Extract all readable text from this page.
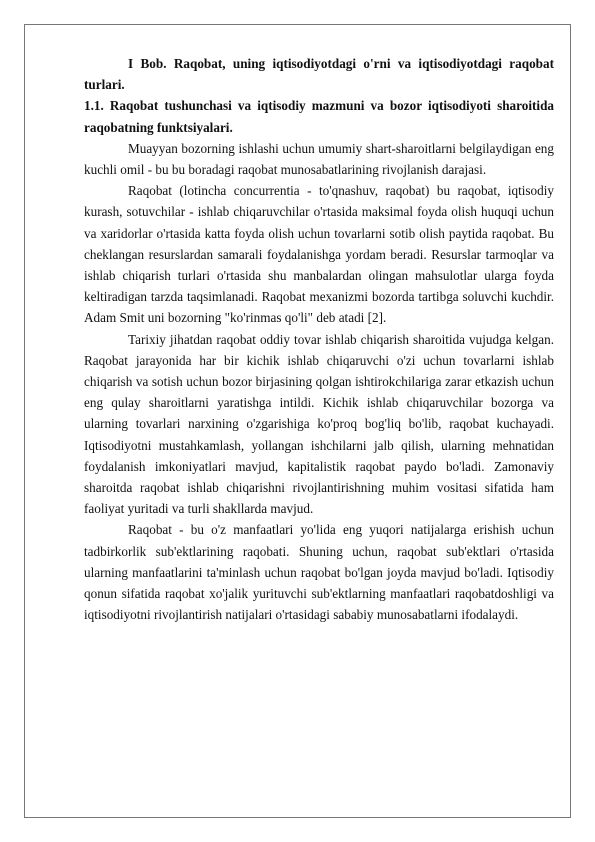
I Bob. Raqobat, uning iqtisodiyotdagi o'rni va iqtisodiyotdagi raqobat turlari.

1.1. Raqobat tushunchasi va iqtisodiy mazmuni va bozor iqtisodiyoti sharoitida raqobatning funktsiyalari.

Muayyan bozorning ishlashi uchun umumiy shart-sharoitlarni belgilaydigan eng kuchli omil - bu bu boradagi raqobat munosabatlarining rivojlanish darajasi.

Raqobat (lotincha concurrentia - to'qnashuv, raqobat) bu raqobat, iqtisodiy kurash, sotuvchilar - ishlab chiqaruvchilar o'rtasida maksimal foyda olish huquqi uchun va xaridorlar o'rtasida katta foyda olish uchun tovarlarni sotib olish paytida raqobat. Bu cheklangan resurslardan samarali foydalanishga yordam beradi. Resurslar tarmoqlar va ishlab chiqarish turlari o'rtasida shu manbalardan olingan mahsulotlar ularga foyda keltiradigan tarzda taqsimlanadi. Raqobat mexanizmi bozorda tartibga soluvchi kuchdir. Adam Smit uni bozorning "ko'rinmas qo'li" deb atadi [2].

Tarixiy jihatdan raqobat oddiy tovar ishlab chiqarish sharoitida vujudga kelgan. Raqobat jarayonida har bir kichik ishlab chiqaruvchi o'zi uchun tovarlarni ishlab chiqarish va sotish uchun bozor birjasining qolgan ishtirokchilariga zarar etkazish uchun eng qulay sharoitlarni yaratishga intildi. Kichik ishlab chiqaruvchilar bozorga va ularning tovarlari narxining o'zgarishiga ko'proq bog'liq bo'lib, raqobat kuchayadi. Iqtisodiyotni mustahkamlash, yollangan ishchilarni jalb qilish, ularning mehnatidan foydalanish imkoniyatlari mavjud, kapitalistik raqobat paydo bo'ladi. Zamonaviy sharoitda raqobat ishlab chiqarishni rivojlantirishning muhim vositasi sifatida ham faoliyat yuritadi va turli shakllarda mavjud.

Raqobat - bu o'z manfaatlari yo'lida eng yuqori natijalarga erishish uchun tadbirkorlik sub'ektlarining raqobati. Shuning uchun, raqobat sub'ektlari o'rtasida ularning manfaatlarini ta'minlash uchun raqobat bo'lgan joyda mavjud bo'ladi. Iqtisodiy qonun sifatida raqobat xo'jalik yurituvchi sub'ektlarning manfaatlari raqobatdoshligi va iqtisodiyotni rivojlantirish natijalari o'rtasidagi sababiy munosabatlarni ifodalaydi.
